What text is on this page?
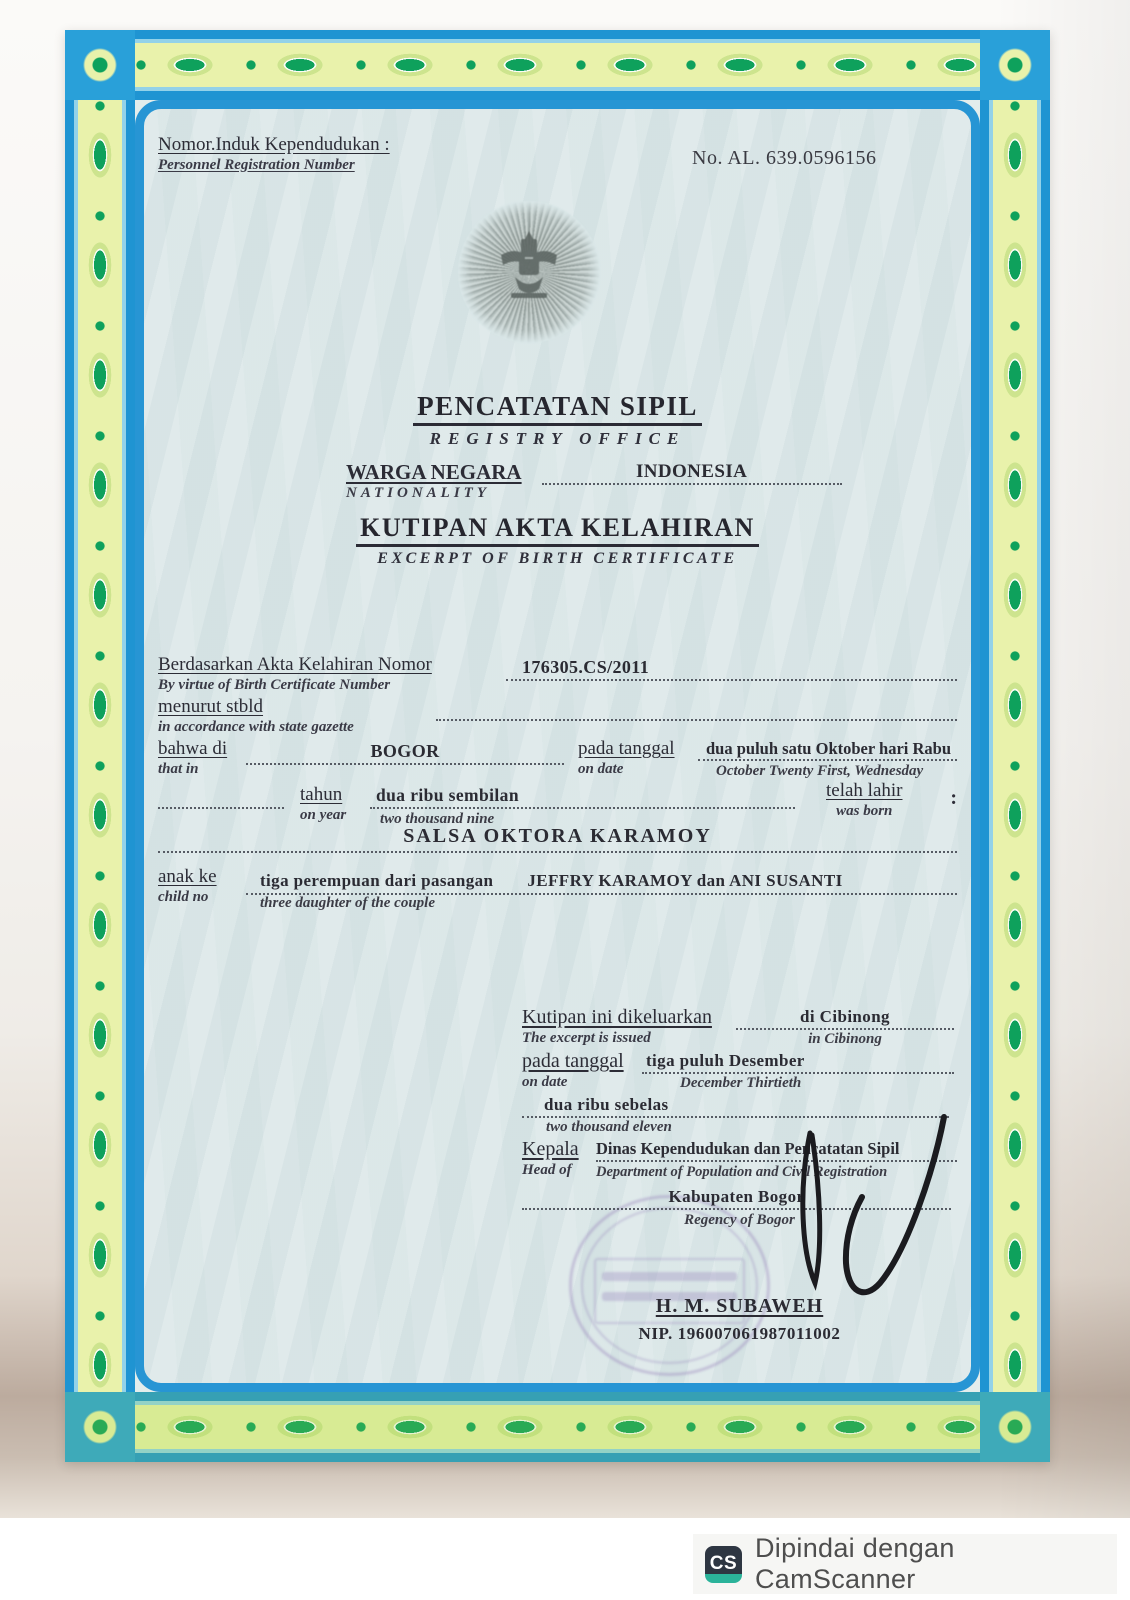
Nomor.Induk Kependudukan :
Personnel Registration Number	No. AL. 639.0596156
PENCATATAN SIPIL
REGISTRY OFFICE
WARGA NEGARA
NATIONALITY
INDONESIA
KUTIPAN AKTA KELAHIRAN
EXCERPT OF BIRTH CERTIFICATE
Berdasarkan Akta Kelahiran Nomor
By virtue of Birth Certificate Number
176305.CS/2011
menurut stbld
in accordance with state gazette
bahwa di
that in
BOGOR	pada tanggal
on date
dua puluh satu Oktober hari Rabu
October Twenty First, Wednesday
tahun
on year
dua ribu sembilan
two thousand nine
telah lahir
was born
:
SALSA OKTORA KARAMOY
anak ke
child no
tiga perempuan dari pasangan JEFFRY KARAMOY dan ANI SUSANTI
three daughter of the couple
Kutipan ini dikeluarkan
The excerpt is issued
di Cibinong
in Cibinong
pada tanggal
on date
tiga puluh Desember
December Thirtieth
dua ribu sebelas
two thousand eleven
Kepala
Head of
Dinas Kependudukan dan Pencatatan Sipil
Department of Population and Civil Registration
Kabupaten Bogor
Regency of Bogor
H. M. SUBAWEH
NIP. 196007061987011002
CS
Dipindai dengan CamScanner
